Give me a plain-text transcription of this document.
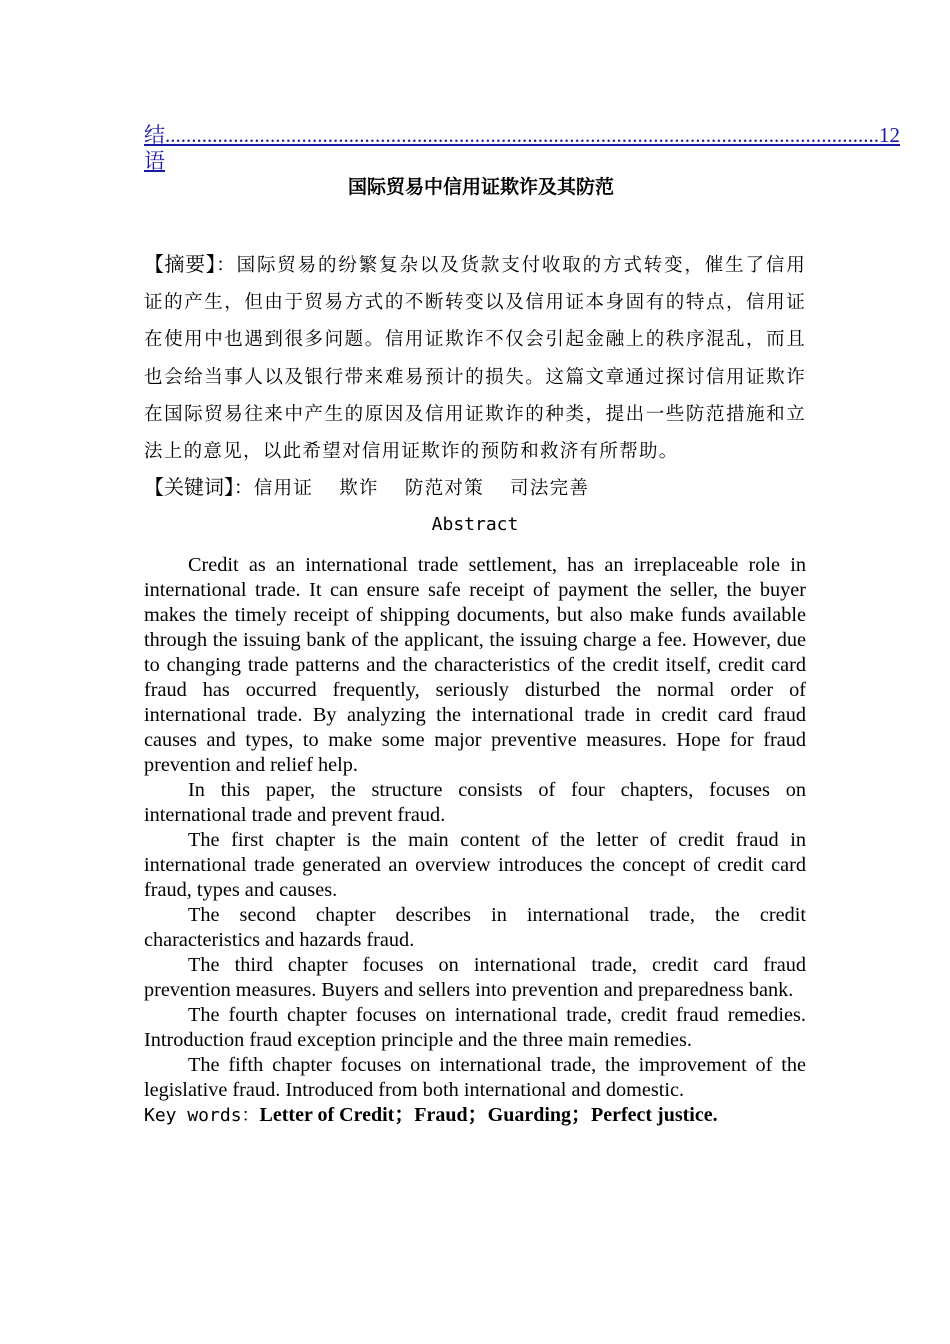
结语
........................................................................................................................................ 12
国际贸易中信用证欺诈及其防范
【摘要】：国际贸易的纷繁复杂以及货款支付收取的方式转变，催生了信用证的产生，但由于贸易方式的不断转变以及信用证本身固有的特点，信用证在使用中也遇到很多问题。信用证欺诈不仅会引起金融上的秩序混乱，而且也会给当事人以及银行带来难易预计的损失。这篇文章通过探讨信用证欺诈在国际贸易往来中产生的原因及信用证欺诈的种类，提出一些防范措施和立法上的意见，以此希望对信用证欺诈的预防和救济有所帮助。
【关键词】：信用证 欺诈 防范对策 司法完善
Abstract

Credit as an international trade settlement, has an irreplaceable role in international trade. It can ensure safe receipt of payment the seller, the buyer makes the timely receipt of shipping documents, but also make funds available through the issuing bank of the applicant, the issuing charge a fee. However, due to changing trade patterns and the characteristics of the credit itself, credit card fraud has occurred frequently, seriously disturbed the normal order of international trade. By analyzing the international trade in credit card fraud causes and types, to make some major preventive measures. Hope for fraud prevention and relief help.

In this paper, the structure consists of four chapters, focuses on international trade and prevent fraud.

The first chapter is the main content of the letter of credit fraud in international trade generated an overview introduces the concept of credit card fraud, types and causes.

The second chapter describes in international trade, the credit characteristics and hazards fraud.

The third chapter focuses on international trade, credit card fraud prevention measures. Buyers and sellers into prevention and preparedness bank.

The fourth chapter focuses on international trade, credit fraud remedies. Introduction fraud exception principle and the three main remedies.

The fifth chapter focuses on international trade, the improvement of the legislative fraud. Introduced from both international and domestic.

Key words：Letter of Credit；Fraud；Guarding；Perfect justice.
